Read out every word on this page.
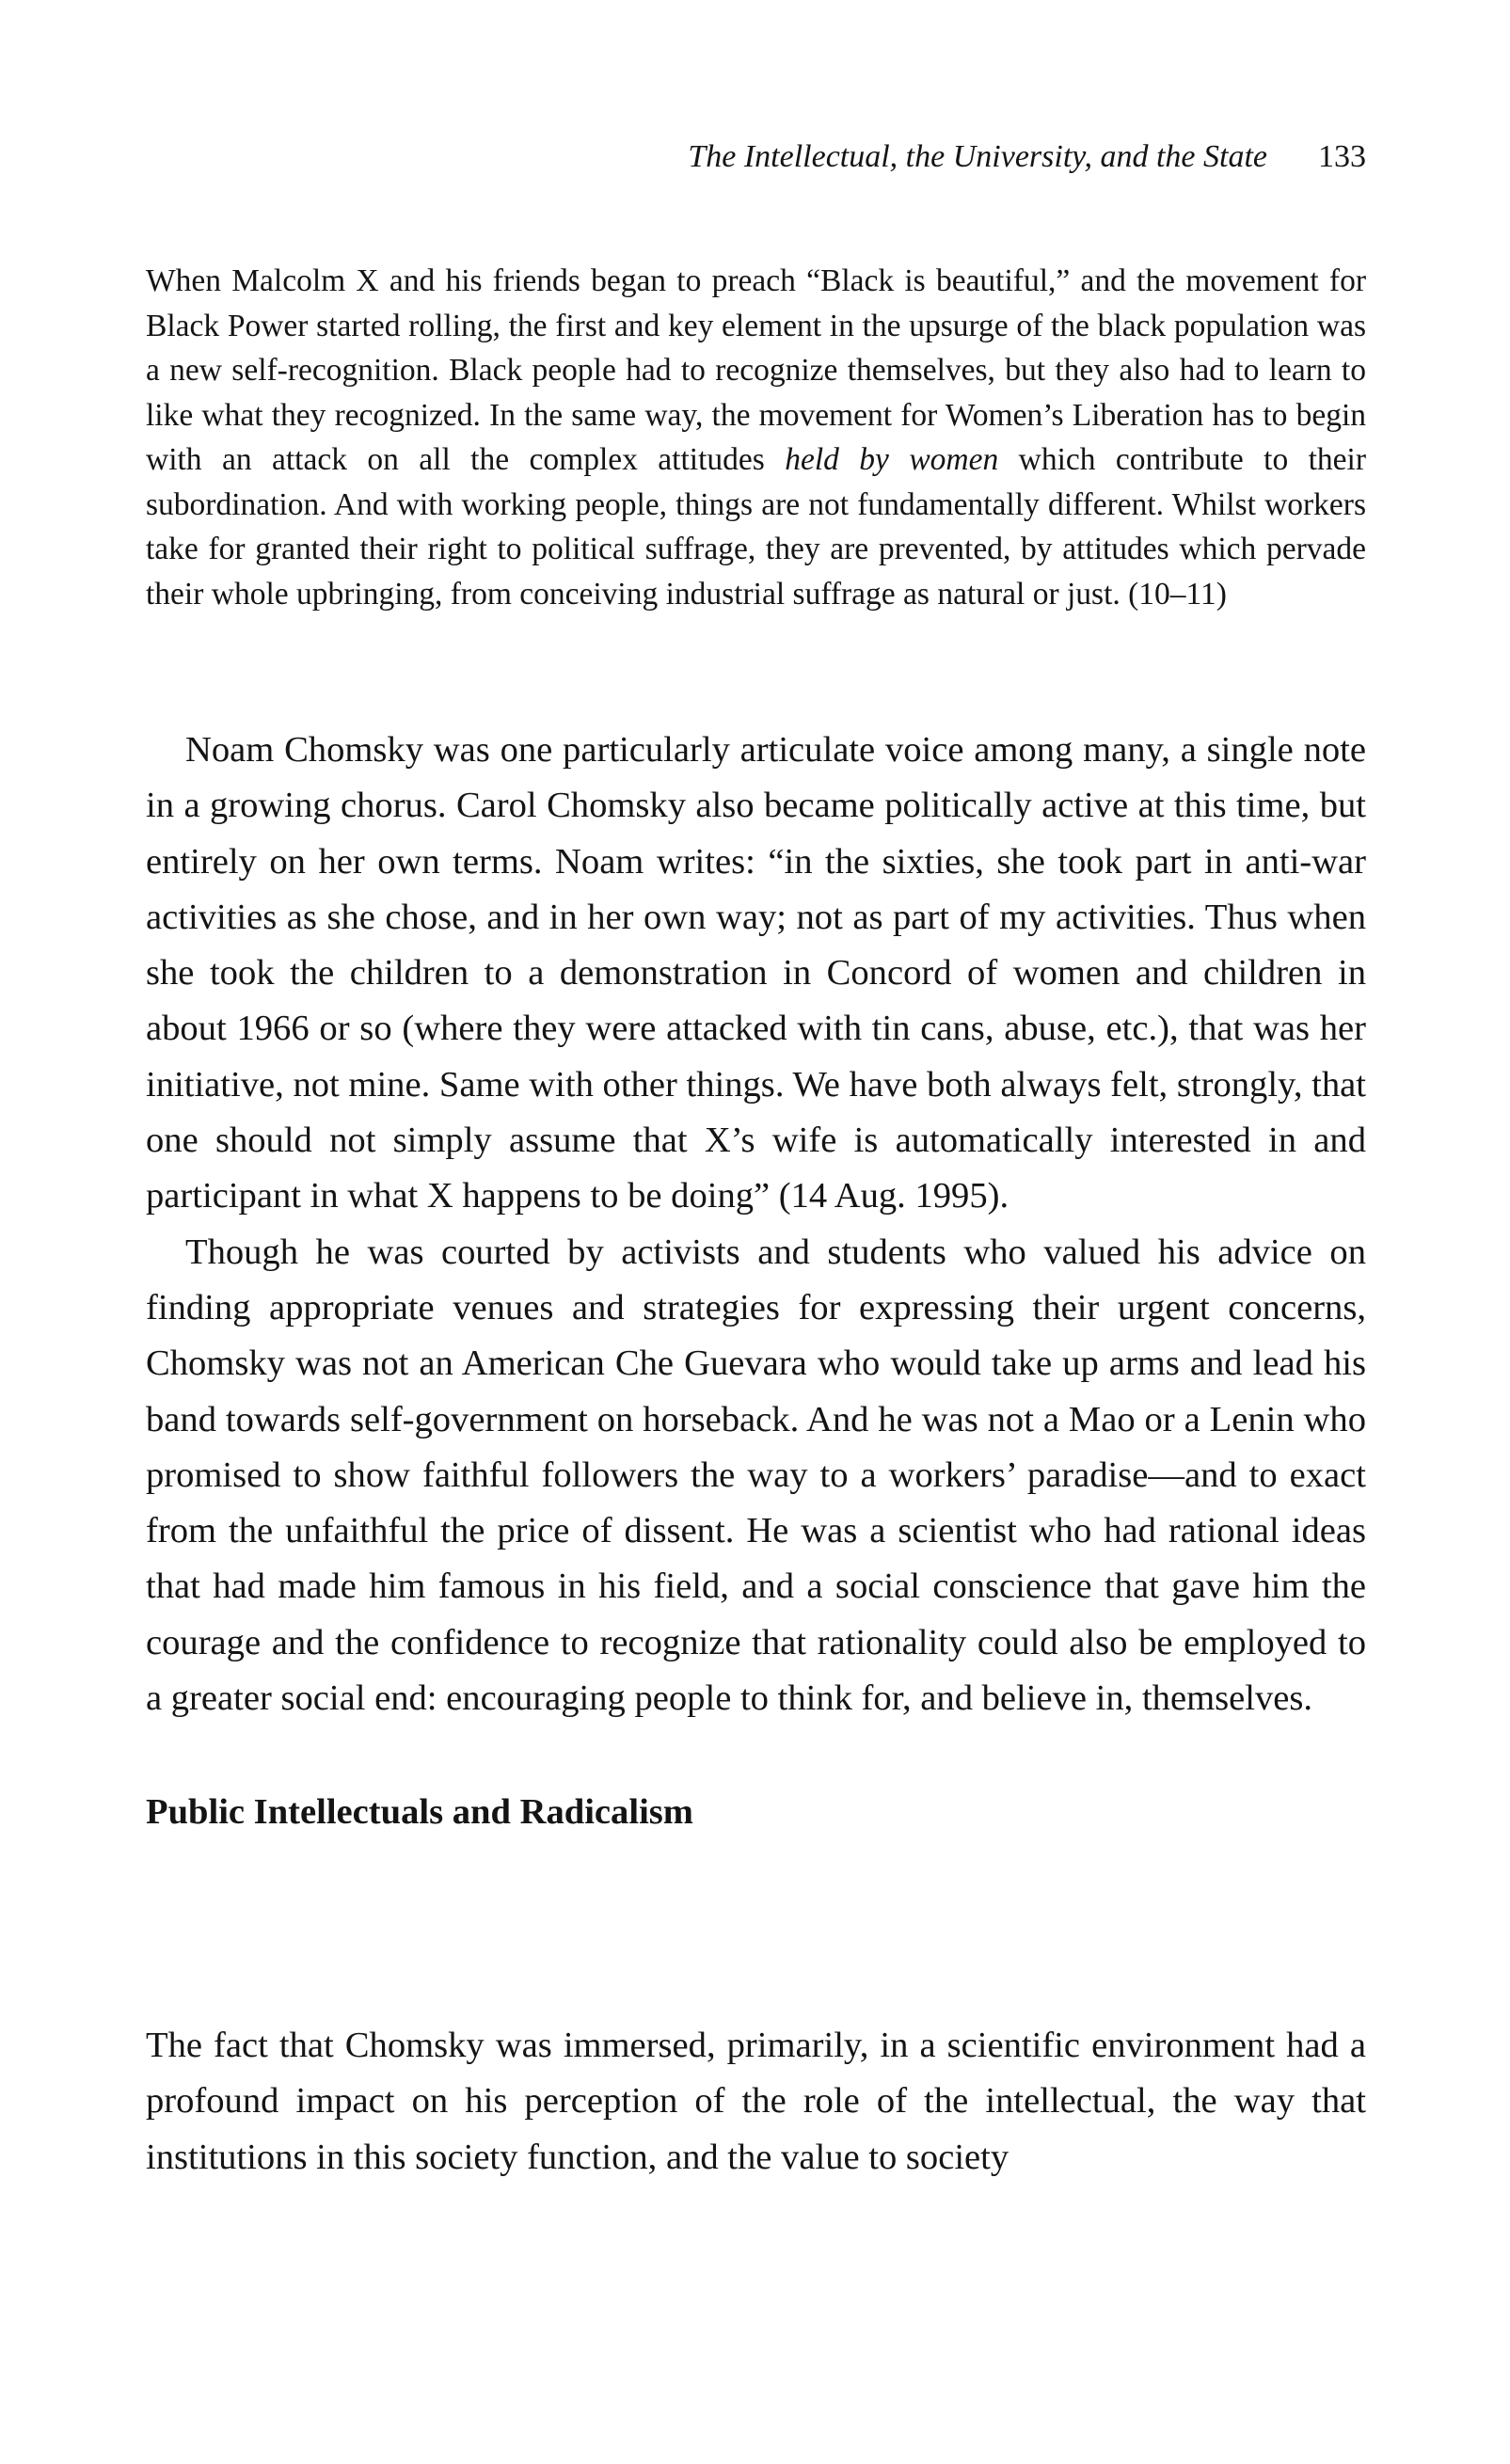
The Intellectual, the University, and the State 133

When Malcolm X and his friends began to preach “Black is beautiful,” and the movement for Black Power started rolling, the first and key element in the upsurge of the black population was a new self-recognition. Black people had to recognize themselves, but they also had to learn to like what they recognized. In the same way, the movement for Women’s Liberation has to begin with an attack on all the complex attitudes held by women which contribute to their subordination. And with working people, things are not fundamentally different. Whilst workers take for granted their right to political suffrage, they are prevented, by attitudes which pervade their whole upbringing, from conceiving industrial suffrage as natural or just. (10–11)

Noam Chomsky was one particularly articulate voice among many, a single note in a growing chorus. Carol Chomsky also became politically active at this time, but entirely on her own terms. Noam writes: “in the sixties, she took part in anti-war activities as she chose, and in her own way; not as part of my activities. Thus when she took the children to a demonstration in Concord of women and children in about 1966 or so (where they were attacked with tin cans, abuse, etc.), that was her initiative, not mine. Same with other things. We have both always felt, strongly, that one should not simply assume that X’s wife is automatically interested in and participant in what X happens to be doing” (14 Aug. 1995).

Though he was courted by activists and students who valued his advice on finding appropriate venues and strategies for expressing their urgent concerns, Chomsky was not an American Che Guevara who would take up arms and lead his band towards self-government on horseback. And he was not a Mao or a Lenin who promised to show faithful followers the way to a workers’ paradise—and to exact from the unfaithful the price of dissent. He was a scientist who had rational ideas that had made him famous in his field, and a social conscience that gave him the courage and the confidence to recognize that rationality could also be employed to a greater social end: encouraging people to think for, and believe in, themselves.

Public Intellectuals and Radicalism

The fact that Chomsky was immersed, primarily, in a scientific environment had a profound impact on his perception of the role of the intellectual, the way that institutions in this society function, and the value to society
